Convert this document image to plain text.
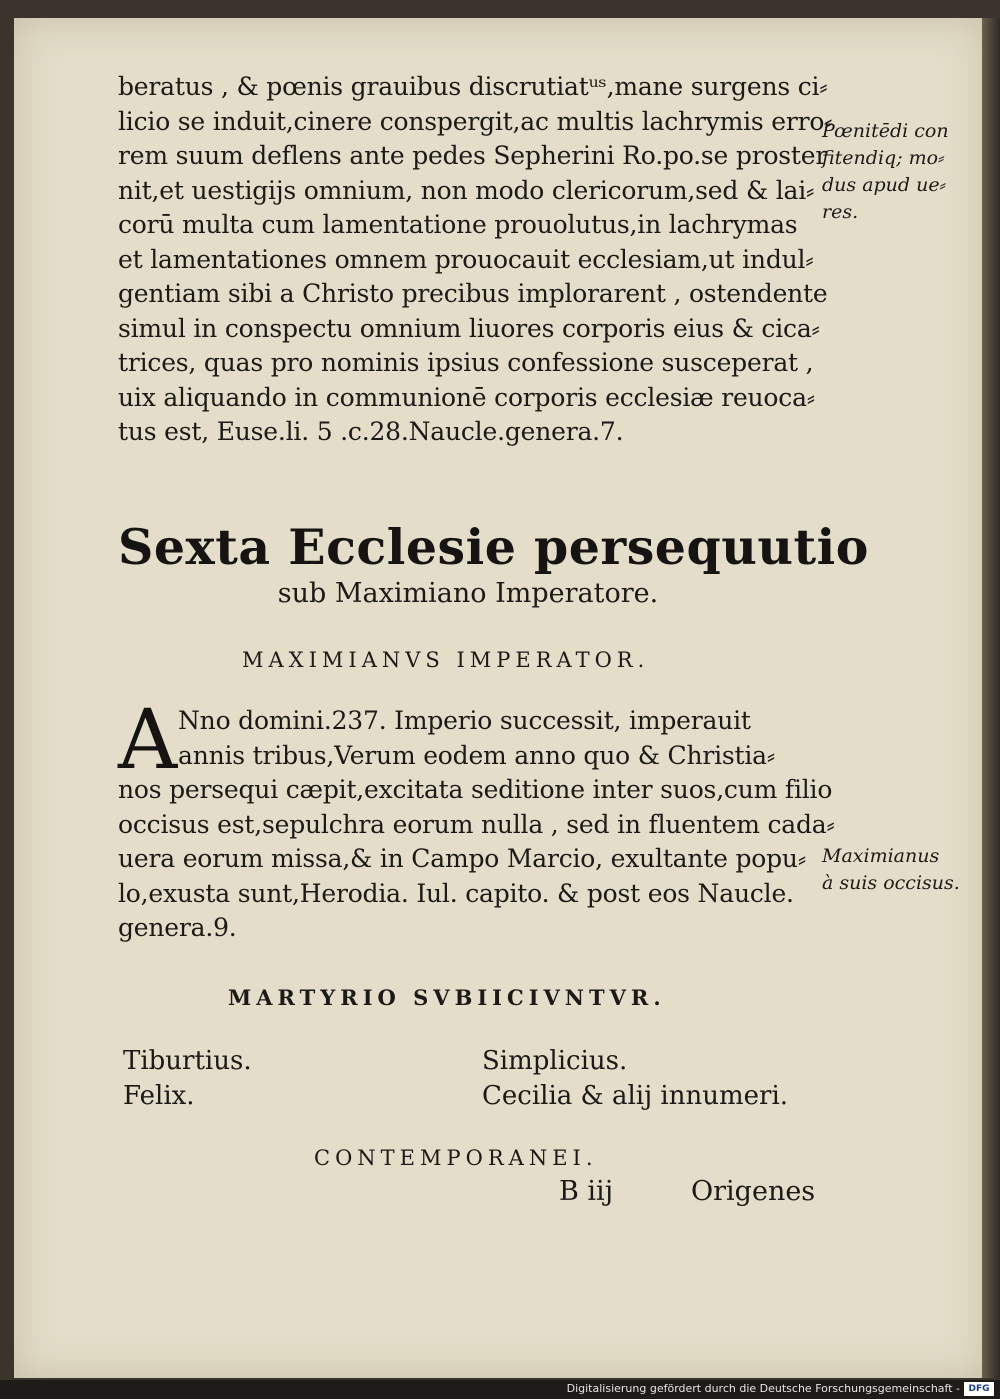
beratus , & pœnis grauibus discrutiatᵘˢ,mane surgens ci⸗
licio se induit,cinere conspergit,ac multis lachrymis erro⸗
rem suum deflens ante pedes Sepherini Ro.po.se proster
nit,et uestigijs omnium, non modo clericorum,sed & lai⸗
corū multa cum lamentatione prouolutus,in lachrymas
et lamentationes omnem prouocauit ecclesiam,ut indul⸗
gentiam sibi a Christo precibus implorarent , ostendente
simul in conspectu omnium liuores corporis eius & cica⸗
trices, quas pro nominis ipsius confessione susceperat ,
uix aliquando in communionē corporis ecclesiæ reuoca⸗
tus est, Euse.li. 5 .c.28.Naucle.genera.7.
Pœnitēdi con
fitendiq; mo⸗
dus apud ue⸗
res.
Sexta Ecclesie persequutio
sub Maximiano Imperatore.
MAXIMIANVS IMPERATOR.
A Nno domini.237. Imperio successit, imperauit
annis tribus,Verum eodem anno quo & Christia⸗
nos persequi cæpit,excitata seditione inter suos,cum filio
occisus est,sepulchra eorum nulla , sed in fluentem cada⸗
uera eorum missa,& in Campo Marcio, exultante popu⸗
lo,exusta sunt,Herodia. Iul. capito. & post eos Naucle.
genera.9.
Maximianus
à suis occisus.
MARTYRIO SVBIICIVNTVR.
Tiburtius.
Felix.
Simplicius.
Cecilia & alij innumeri.
CONTEMPORANEI.
B iij	Origenes
Digitalisierung gefördert durch die Deutsche Forschungsgemeinschaft - DFG
